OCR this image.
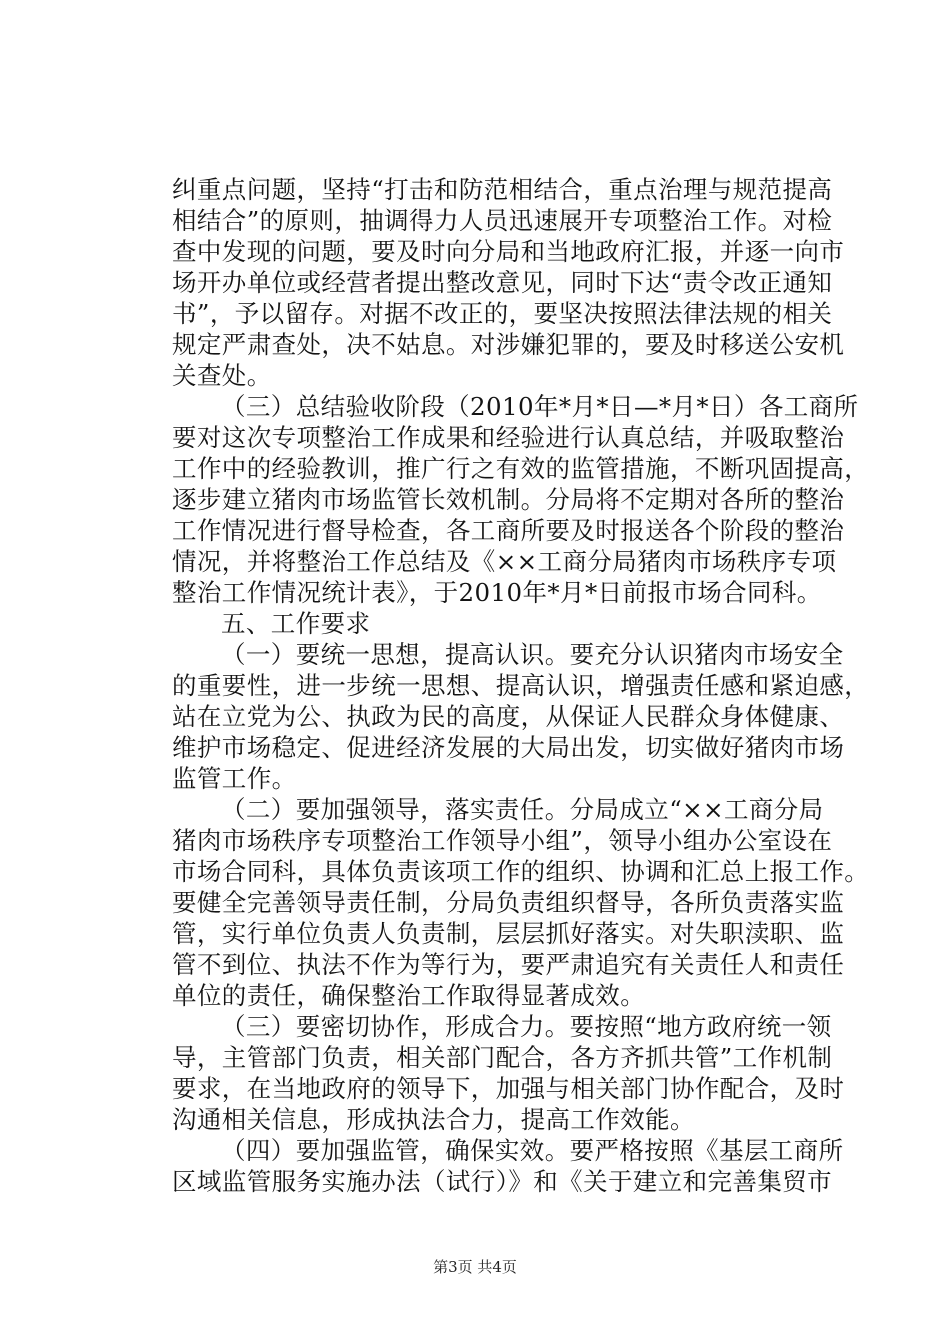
纠重点问题，坚持“打击和防范相结合，重点治理与规范提高
相结合”的原则，抽调得力人员迅速展开专项整治工作。对检
查中发现的问题，要及时向分局和当地政府汇报，并逐一向市
场开办单位或经营者提出整改意见，同时下达“责令改正通知
书”，予以留存。对据不改正的，要坚决按照法律法规的相关
规定严肃查处，决不姑息。对涉嫌犯罪的，要及时移送公安机
关查处。
（三）总结验收阶段（2010年*月*日—*月*日）各工商所
要对这次专项整治工作成果和经验进行认真总结，并吸取整治
工作中的经验教训，推广行之有效的监管措施，不断巩固提高，
逐步建立猪肉市场监管长效机制。分局将不定期对各所的整治
工作情况进行督导检查，各工商所要及时报送各个阶段的整治
情况，并将整治工作总结及《××工商分局猪肉市场秩序专项
整治工作情况统计表》，于2010年*月*日前报市场合同科。
五、工作要求
（一）要统一思想，提高认识。要充分认识猪肉市场安全
的重要性，进一步统一思想、提高认识，增强责任感和紧迫感，
站在立党为公、执政为民的高度，从保证人民群众身体健康、
维护市场稳定、促进经济发展的大局出发，切实做好猪肉市场
监管工作。
（二）要加强领导，落实责任。分局成立“××工商分局
猪肉市场秩序专项整治工作领导小组”，领导小组办公室设在
市场合同科，具体负责该项工作的组织、协调和汇总上报工作。
要健全完善领导责任制，分局负责组织督导，各所负责落实监
管，实行单位负责人负责制，层层抓好落实。对失职渎职、监
管不到位、执法不作为等行为，要严肃追究有关责任人和责任
单位的责任，确保整治工作取得显著成效。
（三）要密切协作，形成合力。要按照“地方政府统一领
导，主管部门负责，相关部门配合，各方齐抓共管”工作机制
要求，在当地政府的领导下，加强与相关部门协作配合，及时
沟通相关信息，形成执法合力，提高工作效能。
（四）要加强监管，确保实效。要严格按照《基层工商所
区域监管服务实施办法（试行）》和《关于建立和完善集贸市
第3页 共4页
